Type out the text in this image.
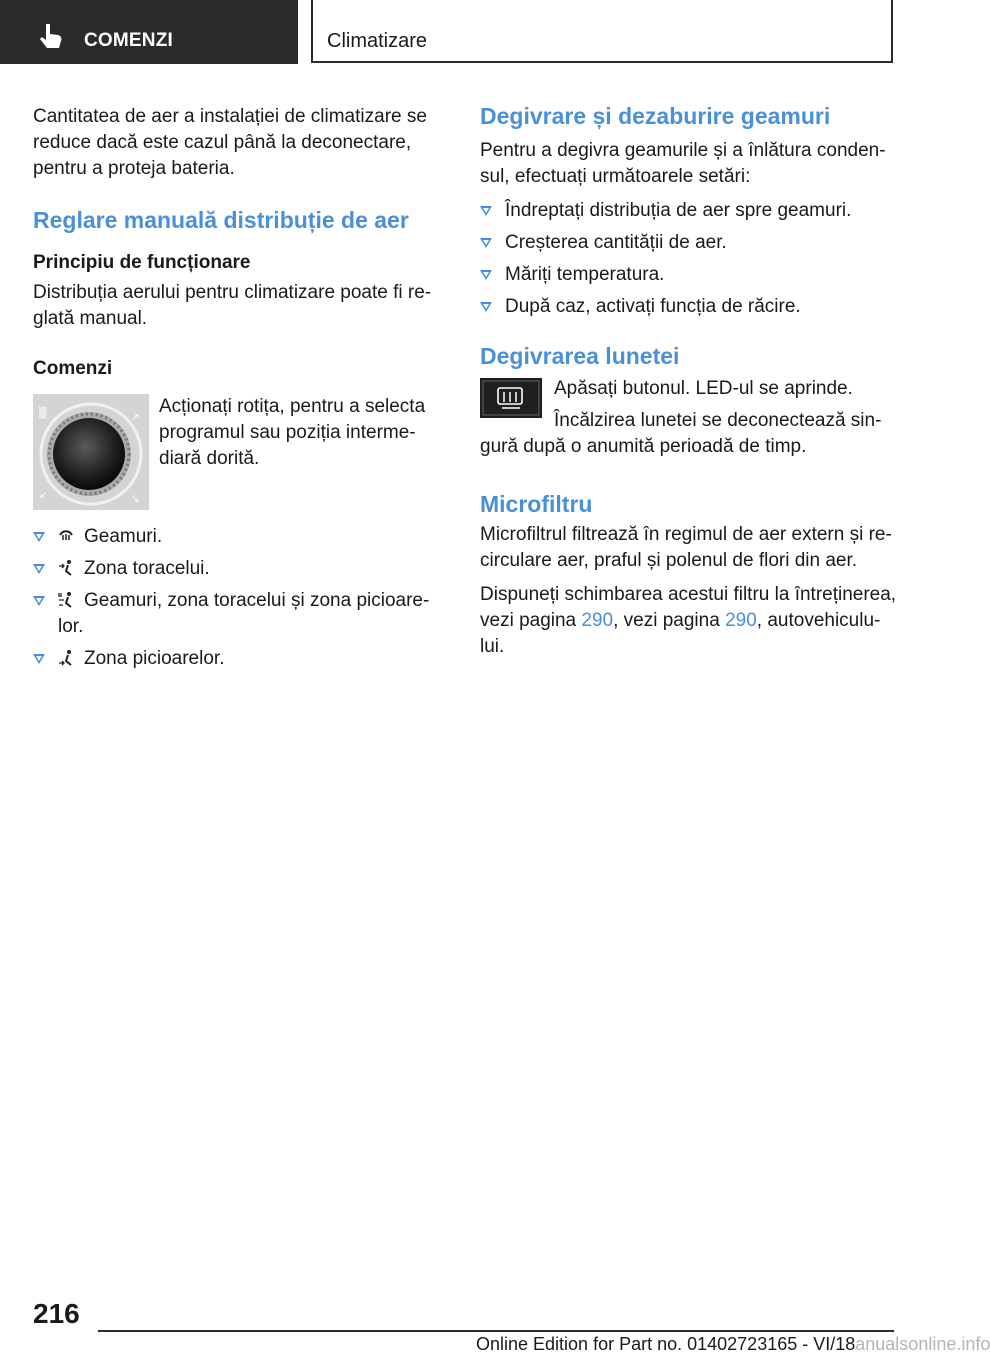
COMENZI	Climatizare

Cantitatea de aer a instalației de climatizare se reduce dacă este cazul până la deconectare, pentru a proteja bateria.

Reglare manuală distribuție de aer
Principiu de funcționare

Distribuția aerului pentru climatizare poate fi re-glată manual.

Comenzi
▒	↗
↘
↙

Acționați rotița, pentru a selecta programul sau poziția interme-diară dorită.

Geamuri.
Zona toracelui.
Geamuri, zona toracelui și zona picioare-lor.
Zona picioarelor.
Degivrare și dezaburire geamuri

Pentru a degivra geamurile și a înlătura conden-sul, efectuați următoarele setări:

Îndreptați distribuția de aer spre geamuri.
Creșterea cantității de aer.
Măriți temperatura.
După caz, activați funcția de răcire.
Degivrarea lunetei

Apăsați butonul. LED-ul se aprinde.

Încălzirea lunetei se deconectează sin-gură după o anumită perioadă de timp.

Microfiltru

Microfiltrul filtrează în regimul de aer extern și re-circulare aer, praful și polenul de flori din aer.

Dispuneți schimbarea acestui filtru la întreținerea, vezi pagina 290, vezi pagina 290, autovehiculu-lui.

216
Online Edition for Part no. 01402723165 - VI/18anualsonline.info
